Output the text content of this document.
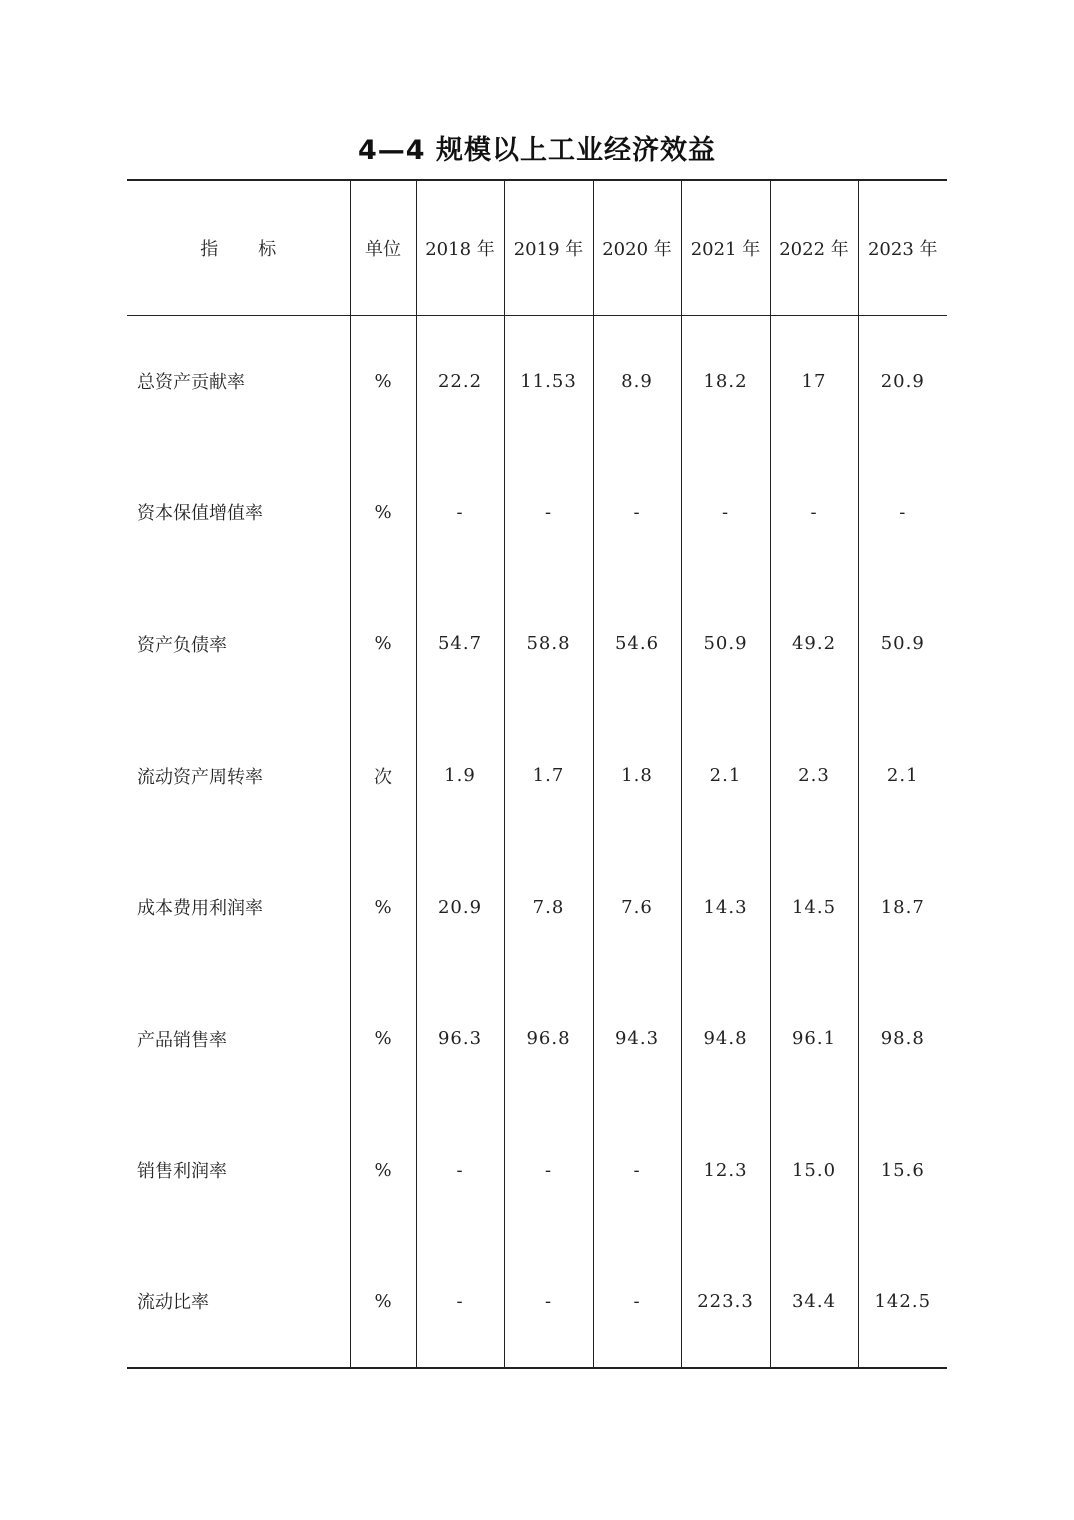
4—4 规模以上工业经济效益
指 标	单位	2018 年	2019 年	2020 年	2021 年	2022 年	2023 年
总资产贡献率	%	22.2	11.53	8.9	18.2	17	20.9
资本保值增值率	%	-	-	-	-	-	-
资产负债率	%	54.7	58.8	54.6	50.9	49.2	50.9
流动资产周转率	次	1.9	1.7	1.8	2.1	2.3	2.1
成本费用利润率	%	20.9	7.8	7.6	14.3	14.5	18.7
产品销售率	%	96.3	96.8	94.3	94.8	96.1	98.8
销售利润率	%	-	-	-	12.3	15.0	15.6
流动比率	%	-	-	-	223.3	34.4	142.5
